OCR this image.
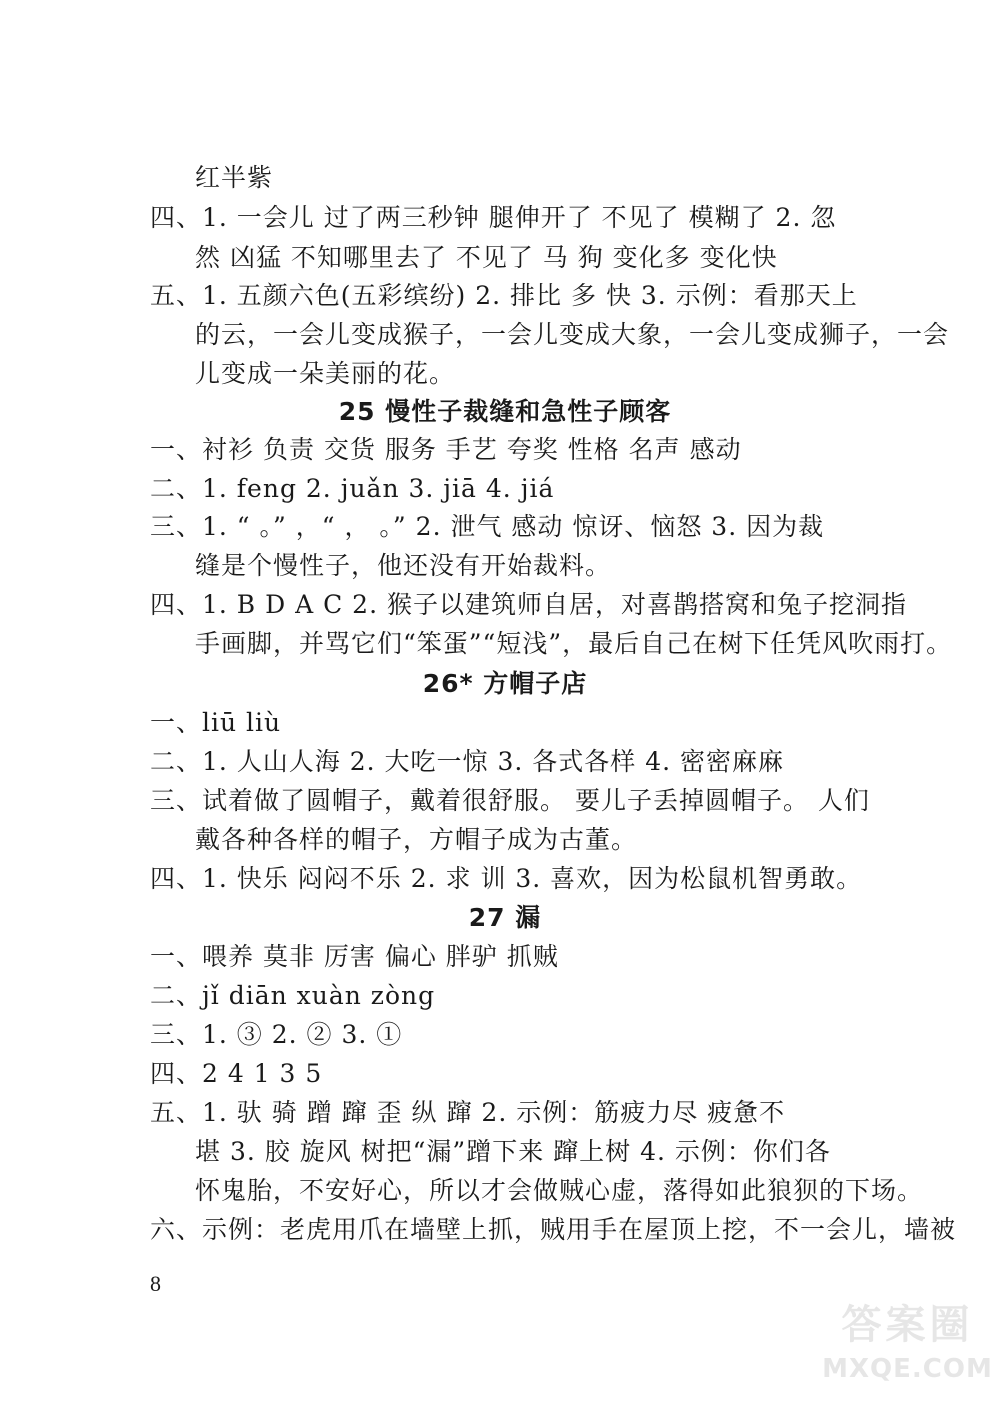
红半紫
四、1. 一会儿 过了两三秒钟 腿伸开了 不见了 模糊了 2. 忽
然 凶猛 不知哪里去了 不见了 马 狗 变化多 变化快
五、1. 五颜六色(五彩缤纷) 2. 排比 多 快 3. 示例：看那天上
的云，一会儿变成猴子，一会儿变成大象，一会儿变成狮子，一会
儿变成一朵美丽的花。
25 慢性子裁缝和急性子顾客
一、衬衫 负责 交货 服务 手艺 夸奖 性格 名声 感动
二、1. feng 2. juǎn 3. jiā 4. jiá
三、1. “ 。” ，“ ， 。” 2. 泄气 感动 惊讶、恼怒 3. 因为裁
缝是个慢性子，他还没有开始裁料。
四、1. B D A C 2. 猴子以建筑师自居，对喜鹊搭窝和兔子挖洞指
手画脚，并骂它们“笨蛋”“短浅”，最后自己在树下任凭风吹雨打。
26* 方帽子店
一、liū liù
二、1. 人山人海 2. 大吃一惊 3. 各式各样 4. 密密麻麻
三、试着做了圆帽子，戴着很舒服。 要儿子丢掉圆帽子。 人们
戴各种各样的帽子，方帽子成为古董。
四、1. 快乐 闷闷不乐 2. 求 训 3. 喜欢，因为松鼠机智勇敢。
27 漏
一、喂养 莫非 厉害 偏心 胖驴 抓贼
二、jǐ diān xuàn zòng
三、1. ③ 2. ② 3. ①
四、2 4 1 3 5
五、1. 驮 骑 蹭 蹿 歪 纵 蹿 2. 示例：筋疲力尽 疲惫不
堪 3. 胶 旋风 树把“漏”蹭下来 蹿上树 4. 示例：你们各
怀鬼胎，不安好心，所以才会做贼心虚，落得如此狼狈的下场。
六、示例：老虎用爪在墙壁上抓，贼用手在屋顶上挖，不一会儿，墙被
8
答案圈
MXQE.COM
